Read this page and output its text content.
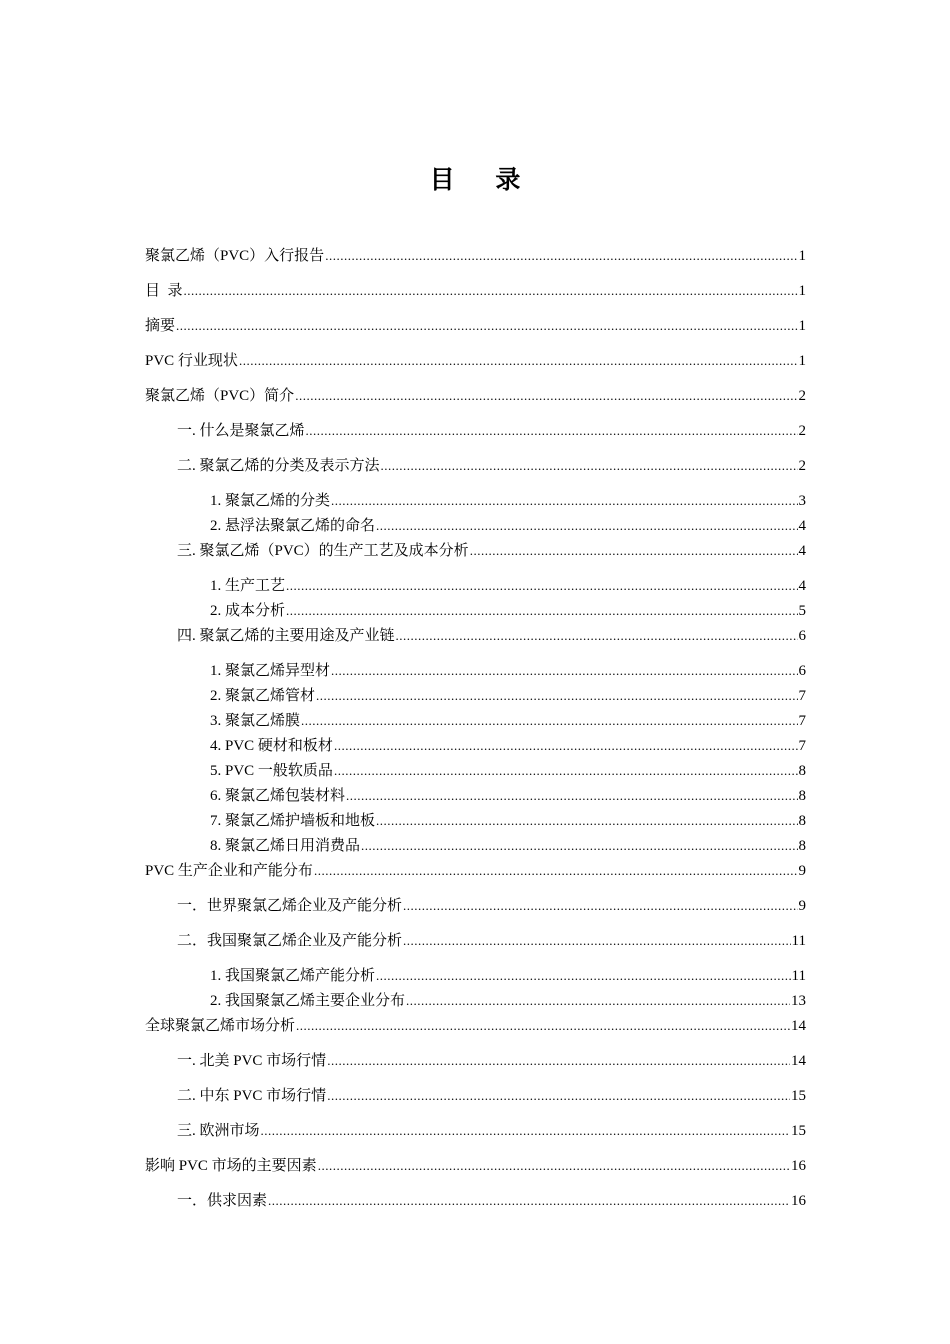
目 录
聚氯乙烯（PVC）入行报告 .....	1
目  录 .....	1
摘要 .....	1
PVC 行业现状 .....	1
聚氯乙烯（PVC）简介 .....	2
一. 什么是聚氯乙烯 .....	2
二. 聚氯乙烯的分类及表示方法 .....	2
1. 聚氯乙烯的分类 .....	3
2. 悬浮法聚氯乙烯的命名 .....	4
三. 聚氯乙烯（PVC）的生产工艺及成本分析 .....	4
1. 生产工艺 .....	4
2. 成本分析 .....	5
四. 聚氯乙烯的主要用途及产业链 .....	6
1. 聚氯乙烯异型材 .....	6
2. 聚氯乙烯管材 .....	7
3. 聚氯乙烯膜 .....	7
4. PVC 硬材和板材 .....	7
5. PVC 一般软质品 .....	8
6. 聚氯乙烯包装材料 .....	8
7. 聚氯乙烯护墙板和地板 .....	8
8. 聚氯乙烯日用消费品 .....	8
PVC 生产企业和产能分布 .....	9
一．世界聚氯乙烯企业及产能分析 .....	9
二．我国聚氯乙烯企业及产能分析 .....	11
1. 我国聚氯乙烯产能分析 .....	11
2. 我国聚氯乙烯主要企业分布 .....	13
全球聚氯乙烯市场分析 .....	14
一. 北美 PVC 市场行情 .....	14
二. 中东 PVC 市场行情 .....	15
三. 欧洲市场 .....	15
影响 PVC 市场的主要因素 .....	16
一．供求因素 .....	16
